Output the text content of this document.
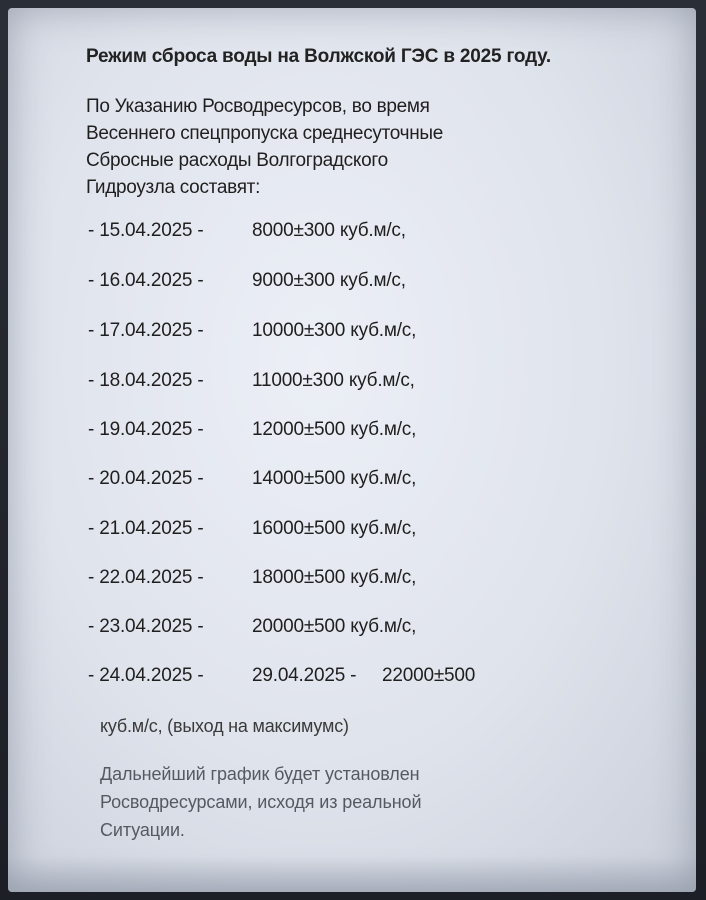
Режим сброса воды на Волжской ГЭС в 2025 году.
По Указанию Росводресурсов, во время
Весеннего спецпропуска среднесуточные
Сбросные расходы Волгоградского
Гидроузла составят:
- 15.04.2025 -	8000±300 куб.м/с,
- 16.04.2025 -	9000±300 куб.м/с,
- 17.04.2025 -	10000±300 куб.м/с,
- 18.04.2025 -	11000±300 куб.м/с,
- 19.04.2025 -	12000±500 куб.м/с,
- 20.04.2025 -	14000±500 куб.м/с,
- 21.04.2025 -	16000±500 куб.м/с,
- 22.04.2025 -	18000±500 куб.м/с,
- 23.04.2025 -	20000±500 куб.м/с,
- 24.04.2025 -	29.04.2025 - 22000±500
куб.м/с, (выход на максимумс)
Дальнейший график будет установлен
Росводресурсами, исходя из реальной
Ситуации.
